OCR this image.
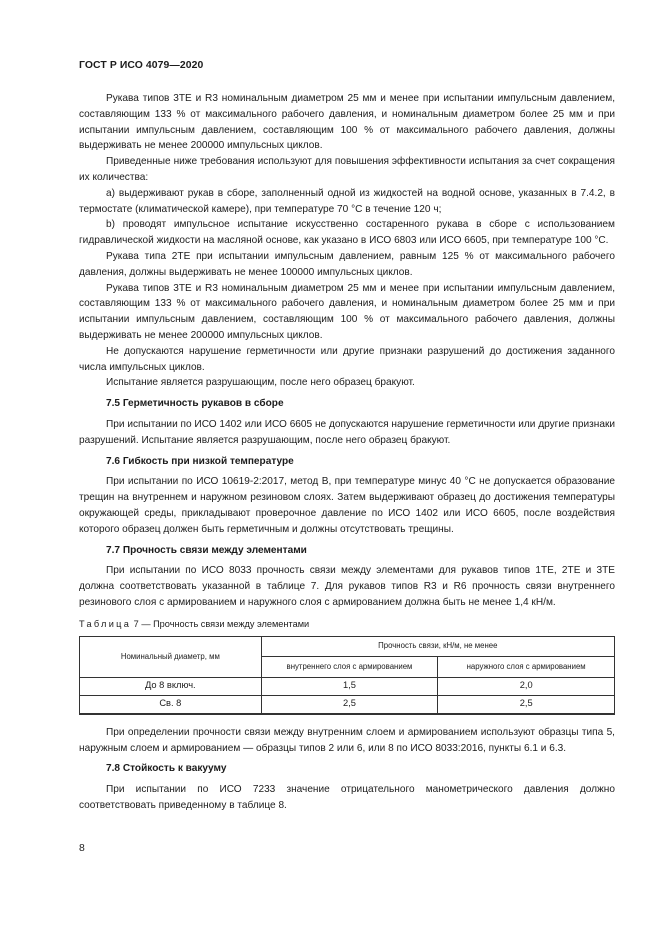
ГОСТ Р ИСО 4079—2020

Рукава типов 3TE и R3 номинальным диаметром 25 мм и менее при испытании импульсным давлением, составляющим 133 % от максимального рабочего давления, и номинальным диаметром более 25 мм и при испытании импульсным давлением, составляющим 100 % от максимального рабочего давления, должны выдерживать не менее 200000 импульсных циклов.

Приведенные ниже требования используют для повышения эффективности испытания за счет сокращения их количества:

a) выдерживают рукав в сборе, заполненный одной из жидкостей на водной основе, указанных в 7.4.2, в термостате (климатической камере), при температуре 70 °С в течение 120 ч;

b) проводят импульсное испытание искусственно состаренного рукава в сборе с использованием гидравлической жидкости на масляной основе, как указано в ИСО 6803 или ИСО 6605, при температуре 100 °С.

Рукава типа 2TE при испытании импульсным давлением, равным 125 % от максимального рабочего давления, должны выдерживать не менее 100000 импульсных циклов.

Рукава типов 3TE и R3 номинальным диаметром 25 мм и менее при испытании импульсным давлением, составляющим 133 % от максимального рабочего давления, и номинальным диаметром более 25 мм и при испытании импульсным давлением, составляющим 100 % от максимального рабочего давления, должны выдерживать не менее 200000 импульсных циклов.

Не допускаются нарушение герметичности или другие признаки разрушений до достижения заданного числа импульсных циклов.

Испытание является разрушающим, после него образец бракуют.

7.5 Герметичность рукавов в сборе

При испытании по ИСО 1402 или ИСО 6605 не допускаются нарушение герметичности или другие признаки разрушений. Испытание является разрушающим, после него образец бракуют.

7.6 Гибкость при низкой температуре

При испытании по ИСО 10619-2:2017, метод B, при температуре минус 40 °С не допускается образование трещин на внутреннем и наружном резиновом слоях. Затем выдерживают образец до достижения температуры окружающей среды, прикладывают проверочное давление по ИСО 1402 или ИСО 6605, после воздействия которого образец должен быть герметичным и должны отсутствовать трещины.

7.7 Прочность связи между элементами

При испытании по ИСО 8033 прочность связи между элементами для рукавов типов 1TE, 2TE и 3TE должна соответствовать указанной в таблице 7. Для рукавов типов R3 и R6 прочность связи внутреннего резинового слоя с армированием и наружного слоя с армированием должна быть не менее 1,4 кН/м.

Таблица 7 — Прочность связи между элементами
Номинальный диаметр, мм	Прочность связи, кН/м, не менее	
	внутреннего слоя с армированием	наружного слоя с армированием
До 8 включ.	1,5	2,0
Св. 8	2,5	2,5

При определении прочности связи между внутренним слоем и армированием используют образцы типа 5, наружным слоем и армированием — образцы типов 2 или 6, или 8 по ИСО 8033:2016, пункты 6.1 и 6.3.

7.8 Стойкость к вакууму

При испытании по ИСО 7233 значение отрицательного манометрического давления должно соответствовать приведенному в таблице 8.

8
